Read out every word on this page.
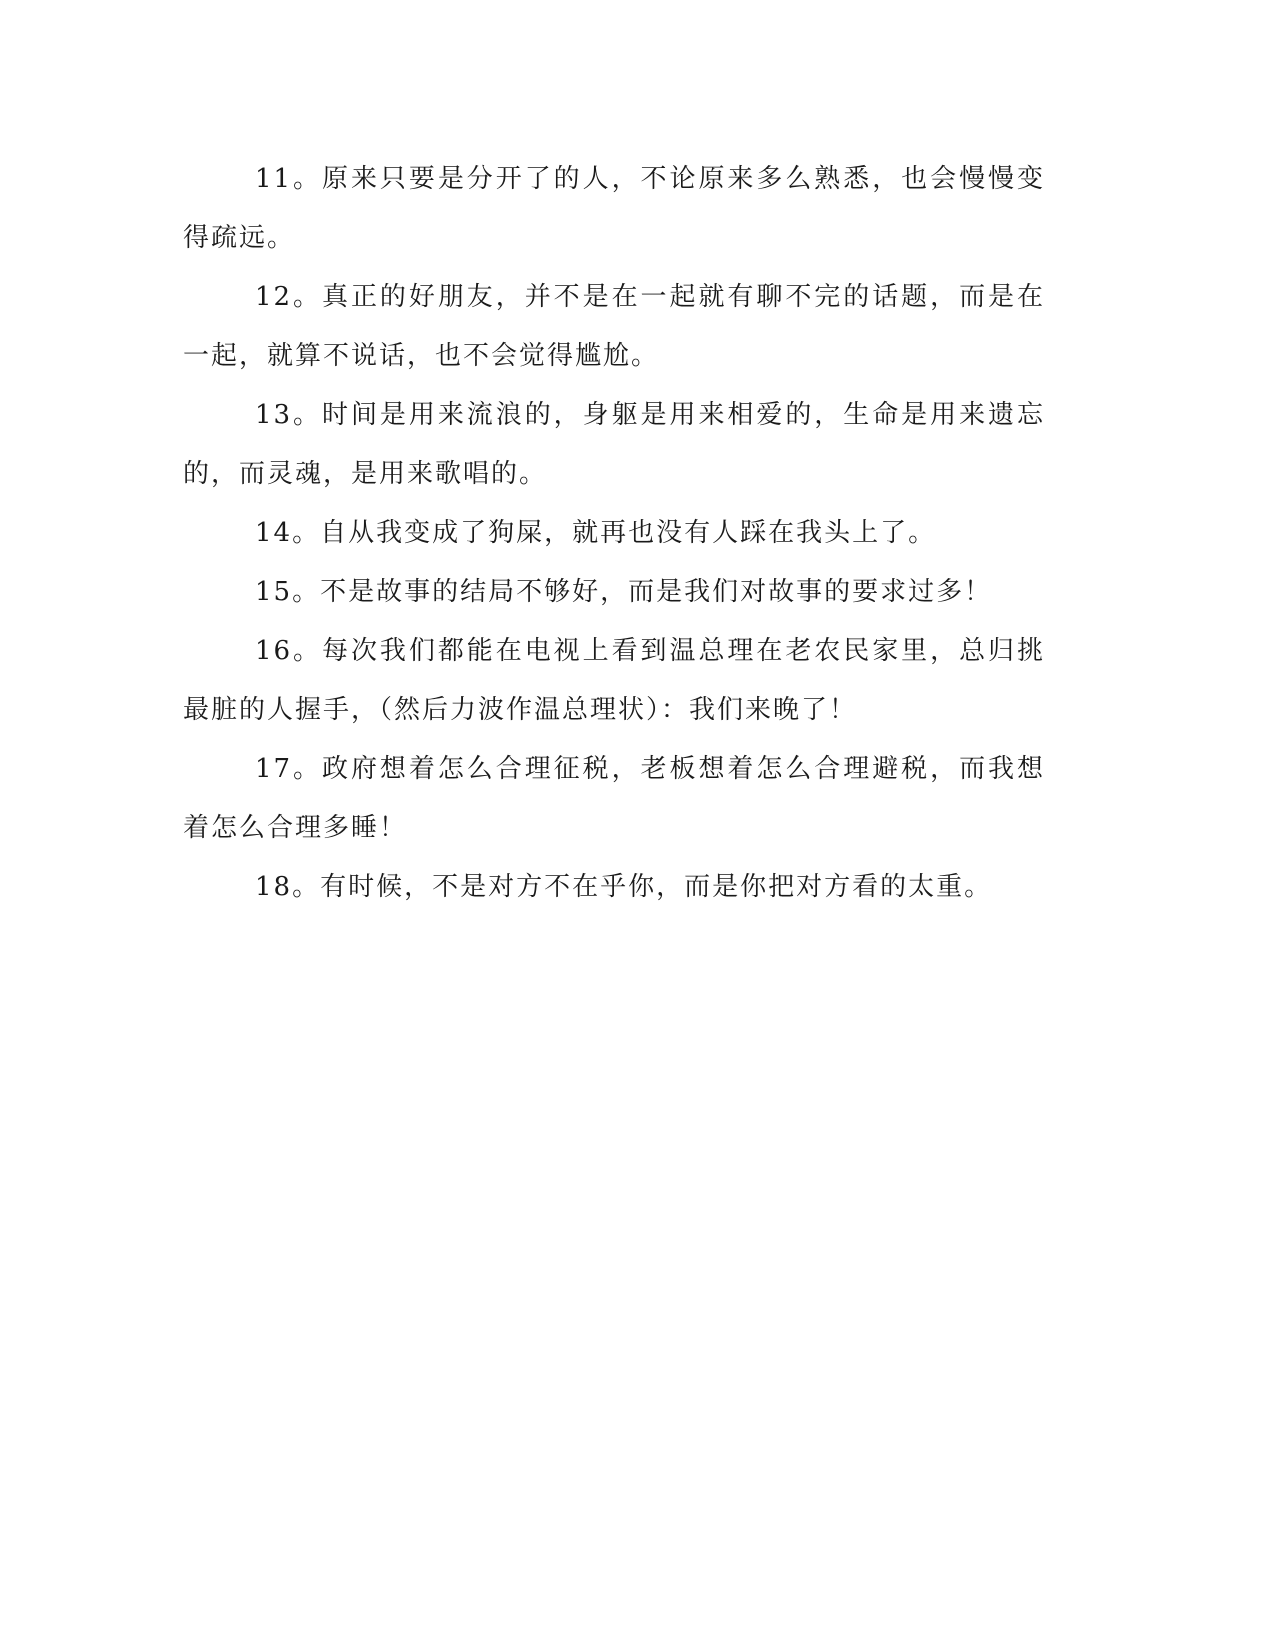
11。原来只要是分开了的人，不论原来多么熟悉，也会慢慢变得疏远。

12。真正的好朋友，并不是在一起就有聊不完的话题，而是在一起，就算不说话，也不会觉得尴尬。

13。时间是用来流浪的，身躯是用来相爱的，生命是用来遗忘的，而灵魂，是用来歌唱的。

14。自从我变成了狗屎，就再也没有人踩在我头上了。

15。不是故事的结局不够好，而是我们对故事的要求过多！

16。每次我们都能在电视上看到温总理在老农民家里，总归挑最脏的人握手，（然后力波作温总理状）：我们来晚了！

17。政府想着怎么合理征税，老板想着怎么合理避税，而我想着怎么合理多睡！

18。有时候，不是对方不在乎你，而是你把对方看的太重。
